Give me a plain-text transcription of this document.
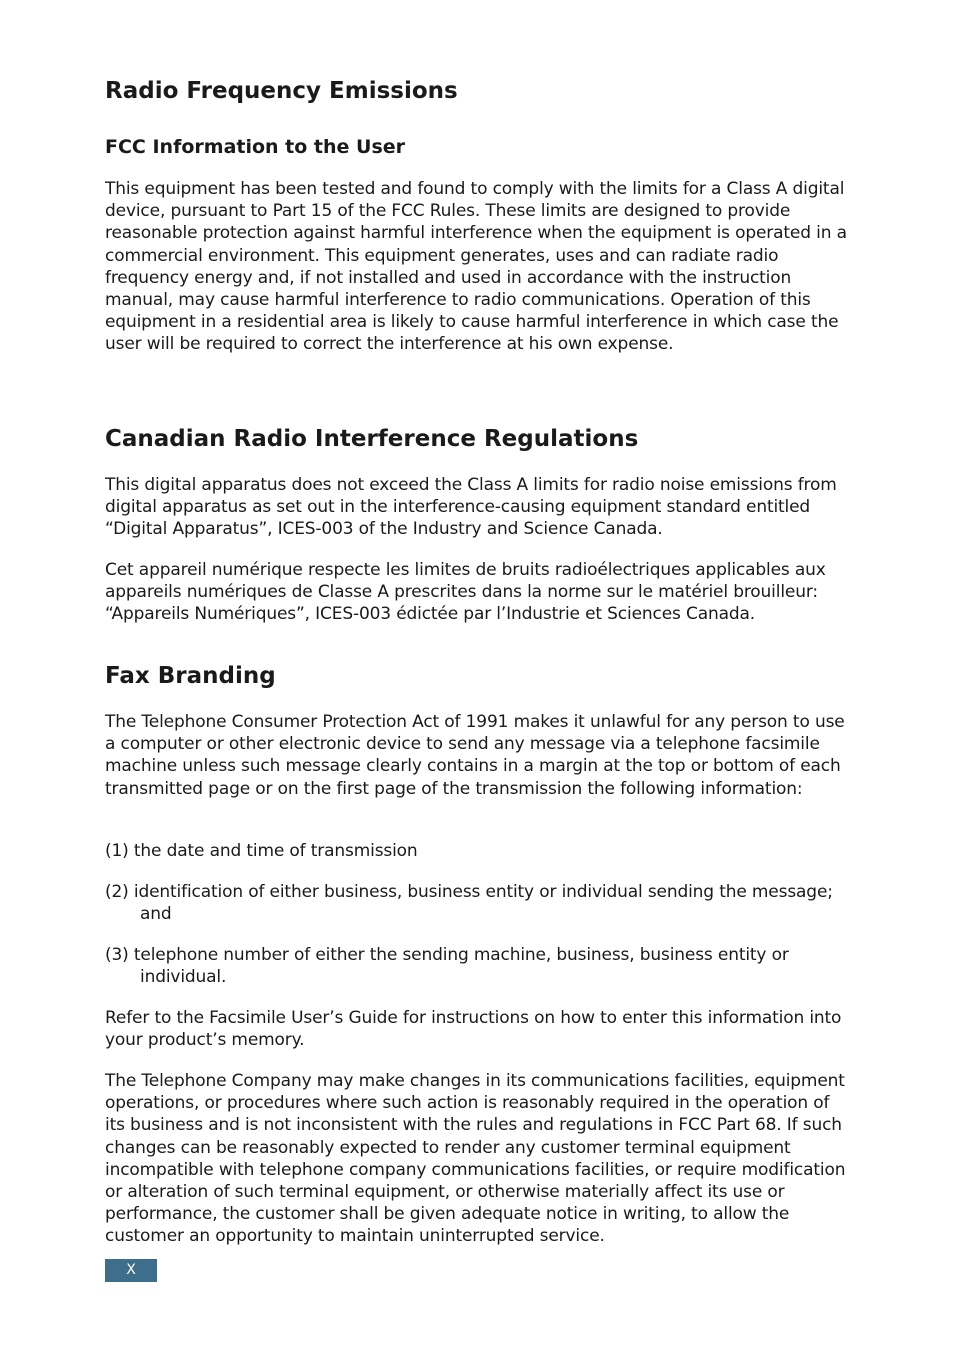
Radio Frequency Emissions
FCC Information to the User

This equipment has been tested and found to comply with the limits for a Class A digital device, pursuant to Part 15 of the FCC Rules. These limits are designed to provide reasonable protection against harmful interference when the equipment is operated in a commercial environment. This equipment generates, uses and can radiate radio frequency energy and, if not installed and used in accordance with the instruction manual, may cause harmful interference to radio communications. Operation of this equipment in a residential area is likely to cause harmful interference in which case the user will be required to correct the interference at his own expense.

Canadian Radio Interference Regulations

This digital apparatus does not exceed the Class A limits for radio noise emissions from digital apparatus as set out in the interference-causing equipment standard entitled “Digital Apparatus”, ICES-003 of the Industry and Science Canada.

Cet appareil numérique respecte les limites de bruits radioélectriques applicables aux appareils numériques de Classe A prescrites dans la norme sur le matériel brouilleur: “Appareils Numériques”, ICES-003 édictée par l’Industrie et Sciences Canada.

Fax Branding

The Telephone Consumer Protection Act of 1991 makes it unlawful for any person to use a computer or other electronic device to send any message via a telephone facsimile machine unless such message clearly contains in a margin at the top or bottom of each transmitted page or on the first page of the transmission the following information:

(1) the date and time of transmission

(2) identification of either business, business entity or individual sending the message; and

(3) telephone number of either the sending machine, business, business entity or individual.

Refer to the Facsimile User’s Guide for instructions on how to enter this information into your product’s memory.

The Telephone Company may make changes in its communications facilities, equipment operations, or procedures where such action is reasonably required in the operation of its business and is not inconsistent with the rules and regulations in FCC Part 68. If such changes can be reasonably expected to render any customer terminal equipment incompatible with telephone company communications facilities, or require modification or alteration of such terminal equipment, or otherwise materially affect its use or performance, the customer shall be given adequate notice in writing, to allow the customer an opportunity to maintain uninterrupted service.

X
